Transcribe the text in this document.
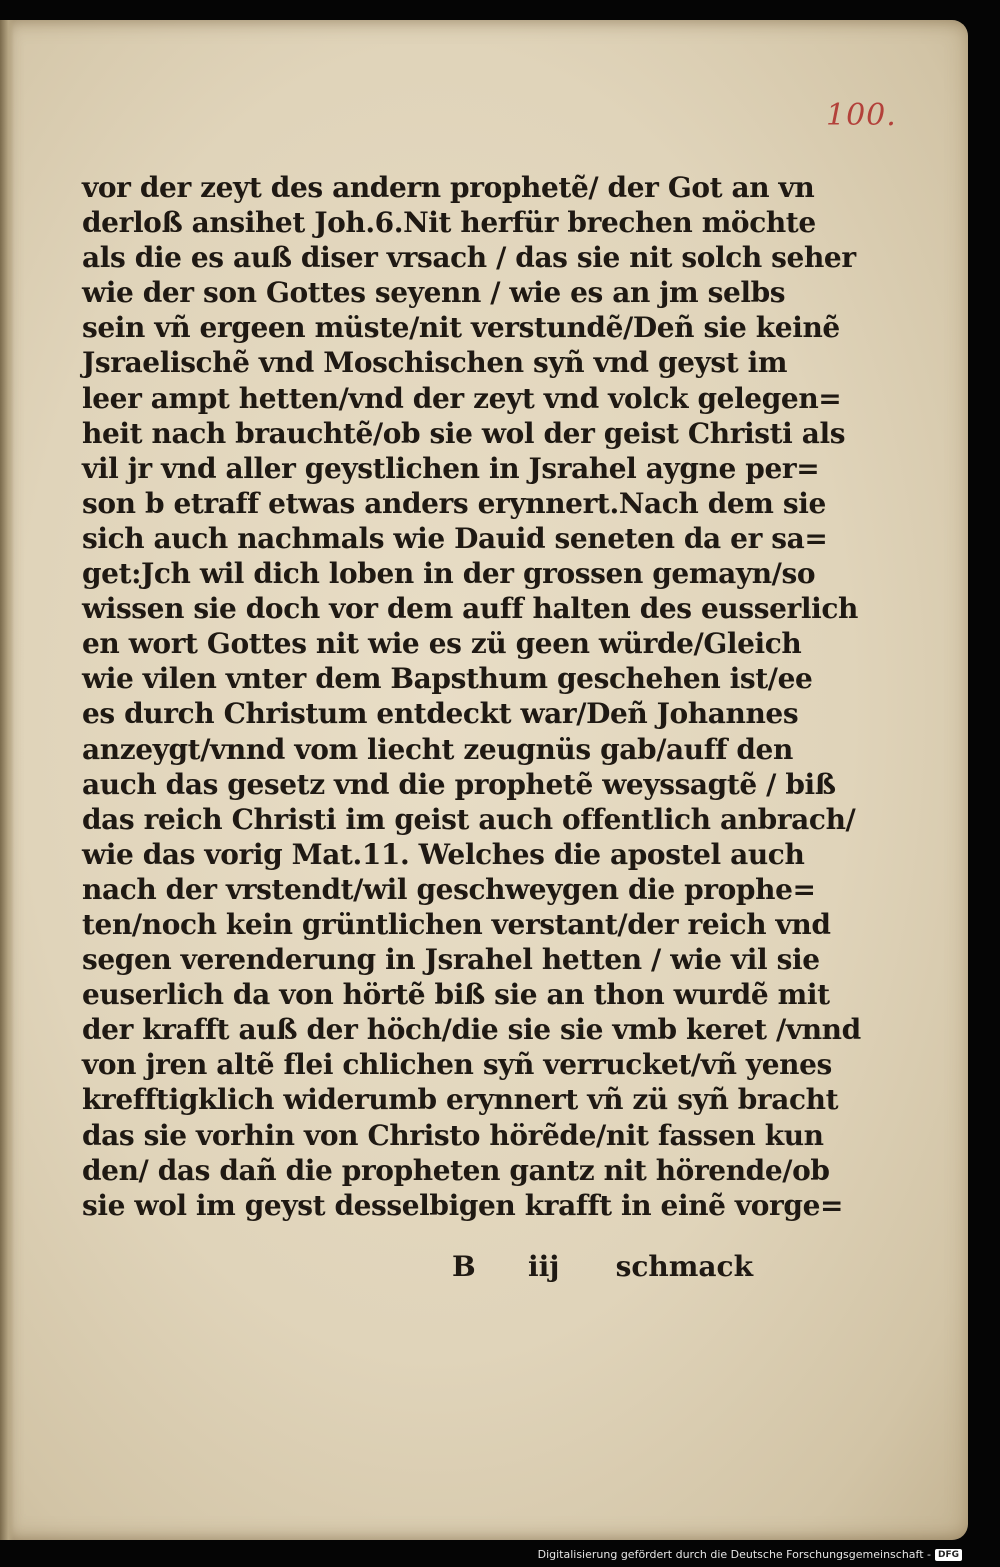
100.
vor der zeyt des andern prophetẽ/ der Got an vn
derloß ansihet Joh.6.Nit herfür brechen möchte
als die es auß diser vrsach / das sie nit solch seher
wie der son Gottes seyenn / wie es an jm selbs
sein vñ ergeen müste/nit verstundẽ/Deñ sie keinẽ
Jsraelischẽ vnd Moschischen syñ vnd geyst im
leer ampt hetten/vnd der zeyt vnd volck gelegen=
heit nach brauchtẽ/ob sie wol der geist Christi als
vil jr vnd aller geystlichen in Jsrahel aygne per=
son b etraff etwas anders erynnert.Nach dem sie
sich auch nachmals wie Dauid seneten da er sa=
get:Jch wil dich loben in der grossen gemayn/so
wissen sie doch vor dem auff halten des eusserlich
en wort Gottes nit wie es zü geen würde/Gleich
wie vilen vnter dem Bapsthum geschehen ist/ee
es durch Christum entdeckt war/Deñ Johannes
anzeygt/vnnd vom liecht zeugnüs gab/auff den
auch das gesetz vnd die prophetẽ weyssagtẽ / biß
das reich Christi im geist auch offentlich anbrach/
wie das vorig Mat.11. Welches die apostel auch
nach der vrstendt/wil geschweygen die prophe=
ten/noch kein grüntlichen verstant/der reich vnd
segen verenderung in Jsrahel hetten / wie vil sie
euserlich da von hörtẽ biß sie an thon wurdẽ mit
der krafft auß der höch/die sie sie vmb keret /vnnd
von jren altẽ flei chlichen syñ verrucket/vñ yenes
krefftigklich widerumb erynnert vñ zü syñ bracht
das sie vorhin von Christo hörẽde/nit fassen kun
den/ das dañ die propheten gantz nit hörende/ob
sie wol im geyst desselbigen krafft in einẽ vorge=
B iij schmack
Digitalisierung gefördert durch die Deutsche Forschungsgemeinschaft - DFG
